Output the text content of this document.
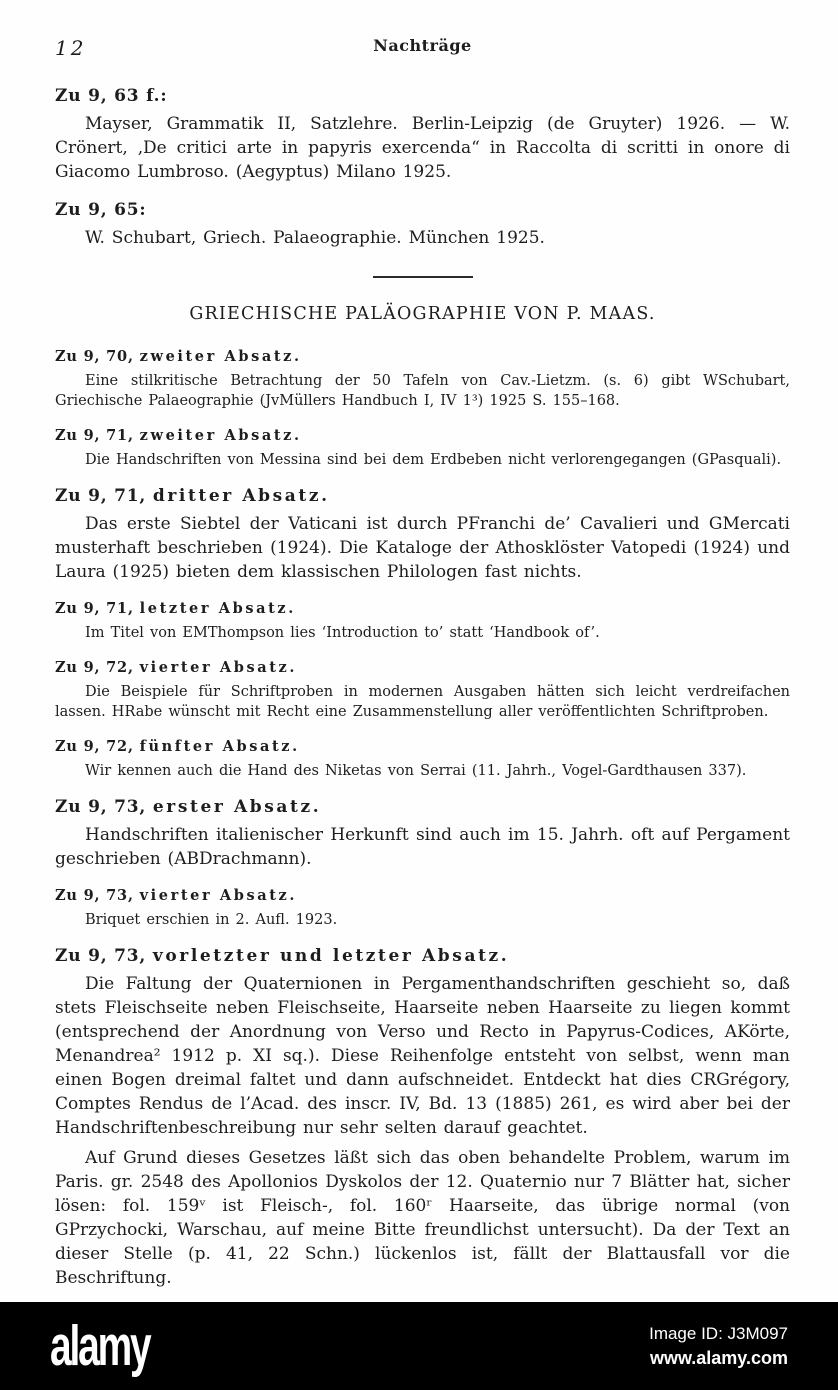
12	Nachträge
Zu 9, 63 f.:

Mayser, Grammatik II, Satzlehre. Berlin-Leipzig (de Gruyter) 1926. — W. Crönert, ‚De critici arte in papyris exercenda“ in Raccolta di scritti in onore di Giacomo Lumbroso. (Aegyptus) Milano 1925.

Zu 9, 65:

W. Schubart, Griech. Palaeographie. München 1925.

GRIECHISCHE PALÄOGRAPHIE VON P. MAAS.
Zu 9, 70, zweiter Absatz.

Eine stilkritische Betrachtung der 50 Tafeln von Cav.-Lietzm. (s. 6) gibt WSchubart, Griechische Palaeographie (JvMüllers Handbuch I, IV 1³) 1925 S. 155–168.

Zu 9, 71, zweiter Absatz.

Die Handschriften von Messina sind bei dem Erdbeben nicht verlorengegangen (GPasquali).

Zu 9, 71, dritter Absatz.

Das erste Siebtel der Vaticani ist durch PFranchi de’ Cavalieri und GMercati musterhaft beschrieben (1924). Die Kataloge der Athosklöster Vatopedi (1924) und Laura (1925) bieten dem klassischen Philologen fast nichts.

Zu 9, 71, letzter Absatz.

Im Titel von EMThompson lies ‘Introduction to’ statt ‘Handbook of’.

Zu 9, 72, vierter Absatz.

Die Beispiele für Schriftproben in modernen Ausgaben hätten sich leicht verdreifachen lassen. HRabe wünscht mit Recht eine Zusammenstellung aller veröffentlichten Schriftproben.

Zu 9, 72, fünfter Absatz.

Wir kennen auch die Hand des Niketas von Serrai (11. Jahrh., Vogel-Gardthausen 337).

Zu 9, 73, erster Absatz.

Handschriften italienischer Herkunft sind auch im 15. Jahrh. oft auf Pergament geschrieben (ABDrachmann).

Zu 9, 73, vierter Absatz.

Briquet erschien in 2. Aufl. 1923.

Zu 9, 73, vorletzter und letzter Absatz.

Die Faltung der Quaternionen in Pergamenthandschriften geschieht so, daß stets Fleischseite neben Fleischseite, Haarseite neben Haarseite zu liegen kommt (entsprechend der Anordnung von Verso und Recto in Papyrus-Codices, AKörte, Menandrea² 1912 p. XI sq.). Diese Reihenfolge entsteht von selbst, wenn man einen Bogen dreimal faltet und dann aufschneidet. Entdeckt hat dies CRGrégory, Comptes Rendus de l’Acad. des inscr. IV, Bd. 13 (1885) 261, es wird aber bei der Handschriftenbeschreibung nur sehr selten darauf geachtet.

Auf Grund dieses Gesetzes läßt sich das oben behandelte Problem, warum im Paris. gr. 2548 des Apollonios Dyskolos der 12. Quaternio nur 7 Blätter hat, sicher lösen: fol. 159ᵛ ist Fleisch-, fol. 160ʳ Haarseite, das übrige normal (von GPrzychocki, Warschau, auf meine Bitte freundlichst untersucht). Da der Text an dieser Stelle (p. 41, 22 Schn.) lückenlos ist, fällt der Blattausfall vor die Beschriftung.

alamy	Image ID: J3M097
www.alamy.com
